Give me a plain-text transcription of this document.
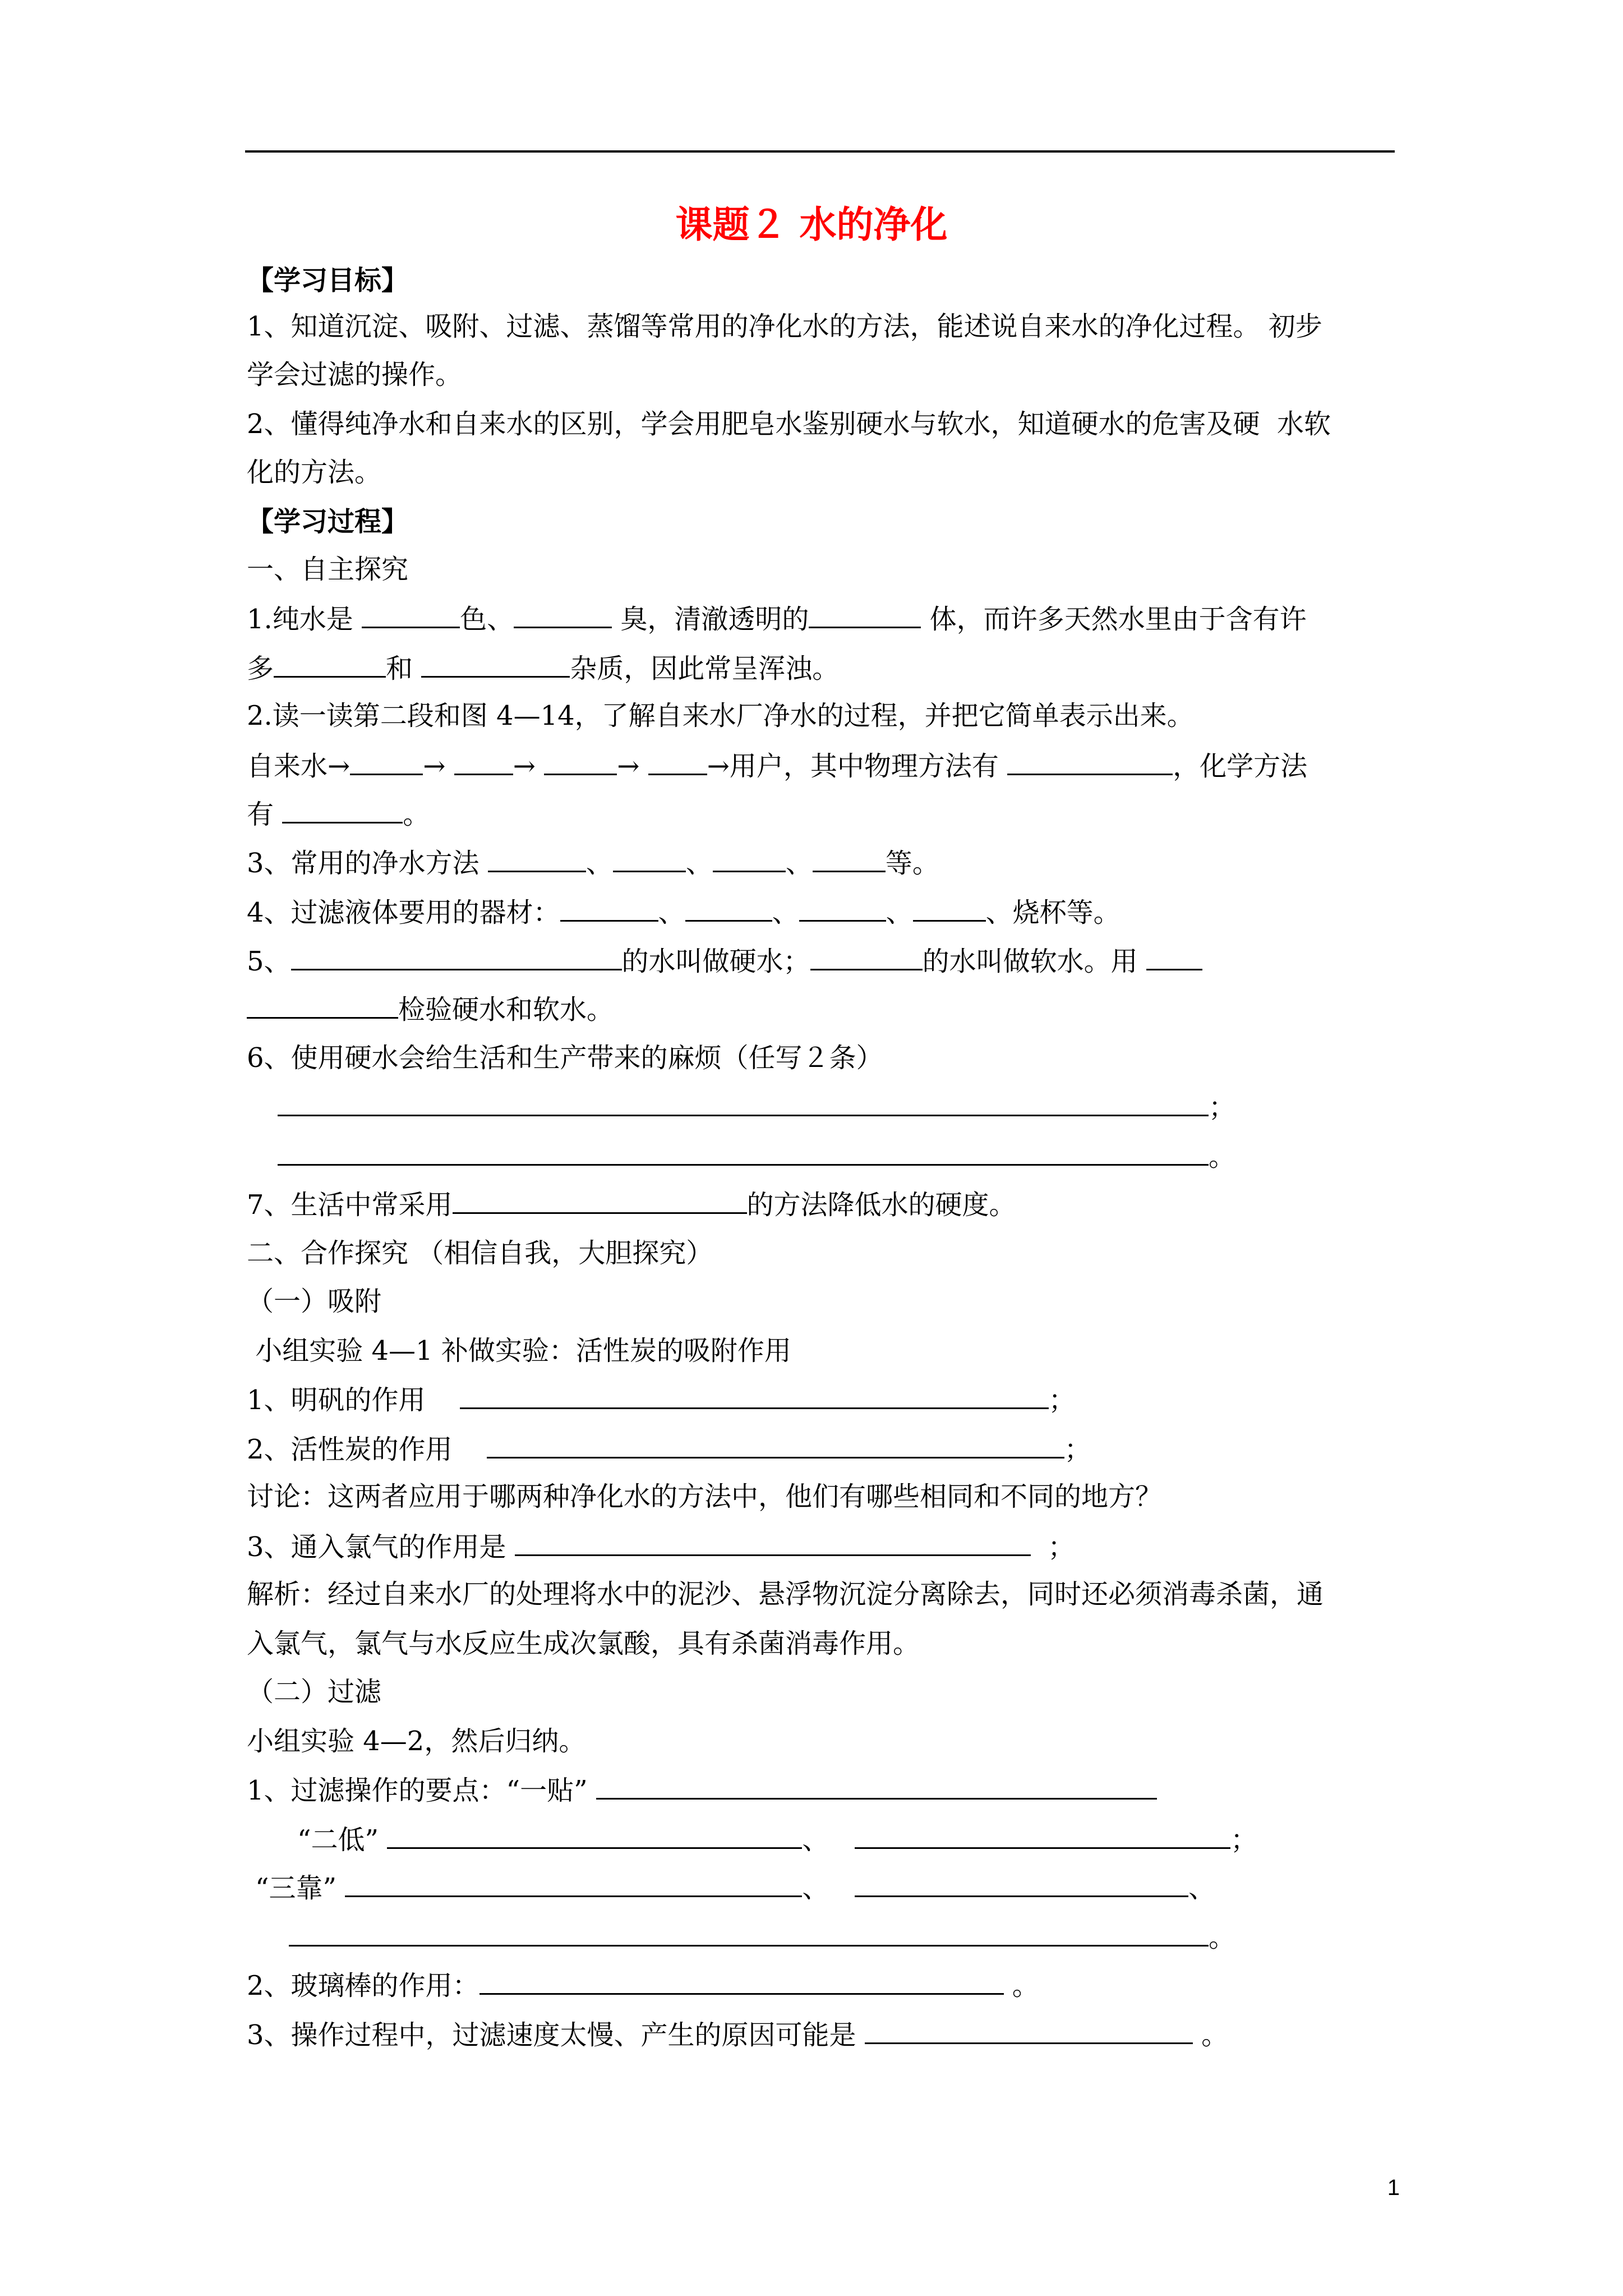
课题２ 水的净化
【学习目标】
1、知道沉淀、吸附、过滤、蒸馏等常用的净化水的方法，能述说自来水的净化过程。 初步
学会过滤的操作。
2、懂得纯净水和自来水的区别，学会用肥皂水鉴别硬水与软水，知道硬水的危害及硬  水软
化的方法。
【学习过程】
一、自主探究
1.纯水是	色、	臭，清澈透明的	体，而许多天然水里由于含有许
多	和	杂质，因此常呈浑浊。
2.读一读第二段和图 4—14，了解自来水厂净水的过程，并把它简单表示出来。
自来水→	→ →	→ →用户，其中物理方法有	，化学方法
有	。
3、常用的净水方法	、	、	、	等。
4、过滤液体要用的器材：	、	、	、	、烧杯等。
5、	的水叫做硬水；	的水叫做软水。用
检验硬水和软水。
6、使用硬水会给生活和生产带来的麻烦（任写２条）
；
。
7、生活中常采用	的方法降低水的硬度。
二、合作探究 （相信自我，大胆探究）
（一）吸附
小组实验 4—1 补做实验：活性炭的吸附作用
1、明矾的作用	；
2、活性炭的作用	；
讨论：这两者应用于哪两种净化水的方法中，他们有哪些相同和不同的地方？
3、通入氯气的作用是	；
解析：经过自来水厂的处理将水中的泥沙、悬浮物沉淀分离除去，同时还必须消毒杀菌，通
入氯气，氯气与水反应生成次氯酸，具有杀菌消毒作用。
（二）过滤
小组实验 4—2，然后归纳。
1、过滤操作的要点：“一贴”
“二低”	、	；
“三靠”	、	、
。
2、玻璃棒的作用：	。
3、操作过程中，过滤速度太慢、产生的原因可能是	。
1
